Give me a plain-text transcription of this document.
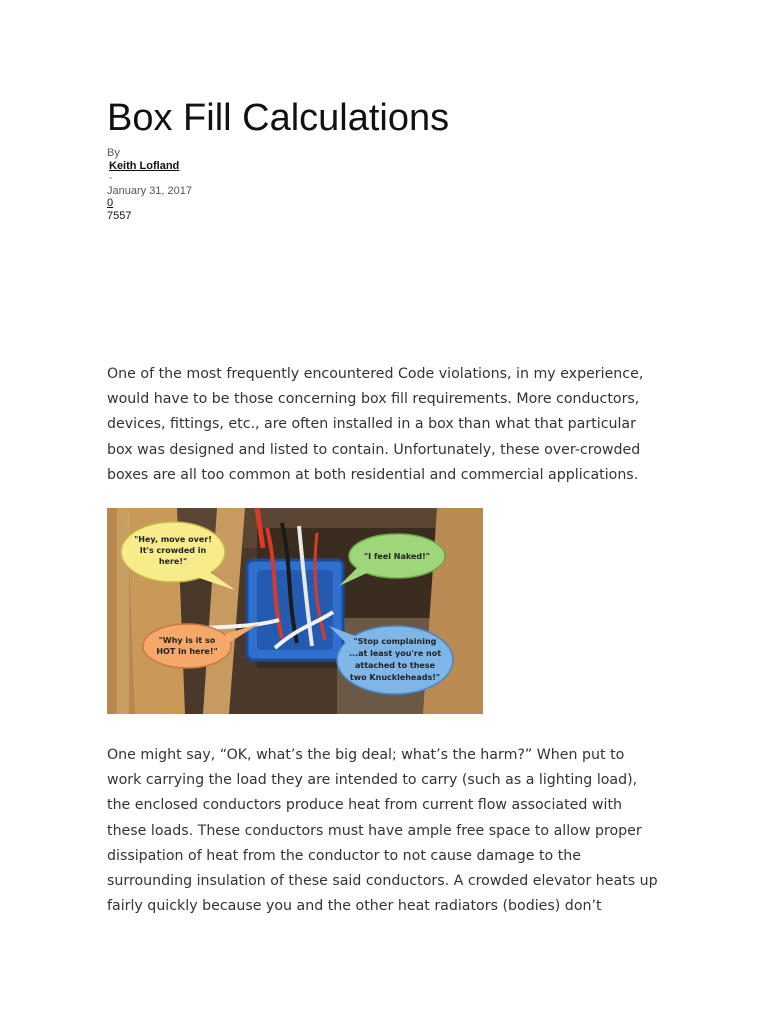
Box Fill Calculations
By
Keith Lofland
-
January 31, 2017
0
7557

One of the most frequently encountered Code violations, in my experience, would have to be those concerning box fill requirements. More conductors, devices, fittings, etc., are often installed in a box than what that particular box was designed and listed to contain. Unfortunately, these over-crowded boxes are all too common at both residential and commercial applications.

"Hey, move over!
It's crowded in
here!"
"I feel Naked!"
"Why is it so
HOT in here!"
"Stop complaining
...at least you're not
attached to these
two Knuckleheads!"

One might say, “OK, what’s the big deal; what’s the harm?” When put to work carrying the load they are intended to carry (such as a lighting load), the enclosed conductors produce heat from current flow associated with these loads. These conductors must have ample free space to allow proper dissipation of heat from the conductor to not cause damage to the surrounding insulation of these said conductors. A crowded elevator heats up fairly quickly because you and the other heat radiators (bodies) don’t
